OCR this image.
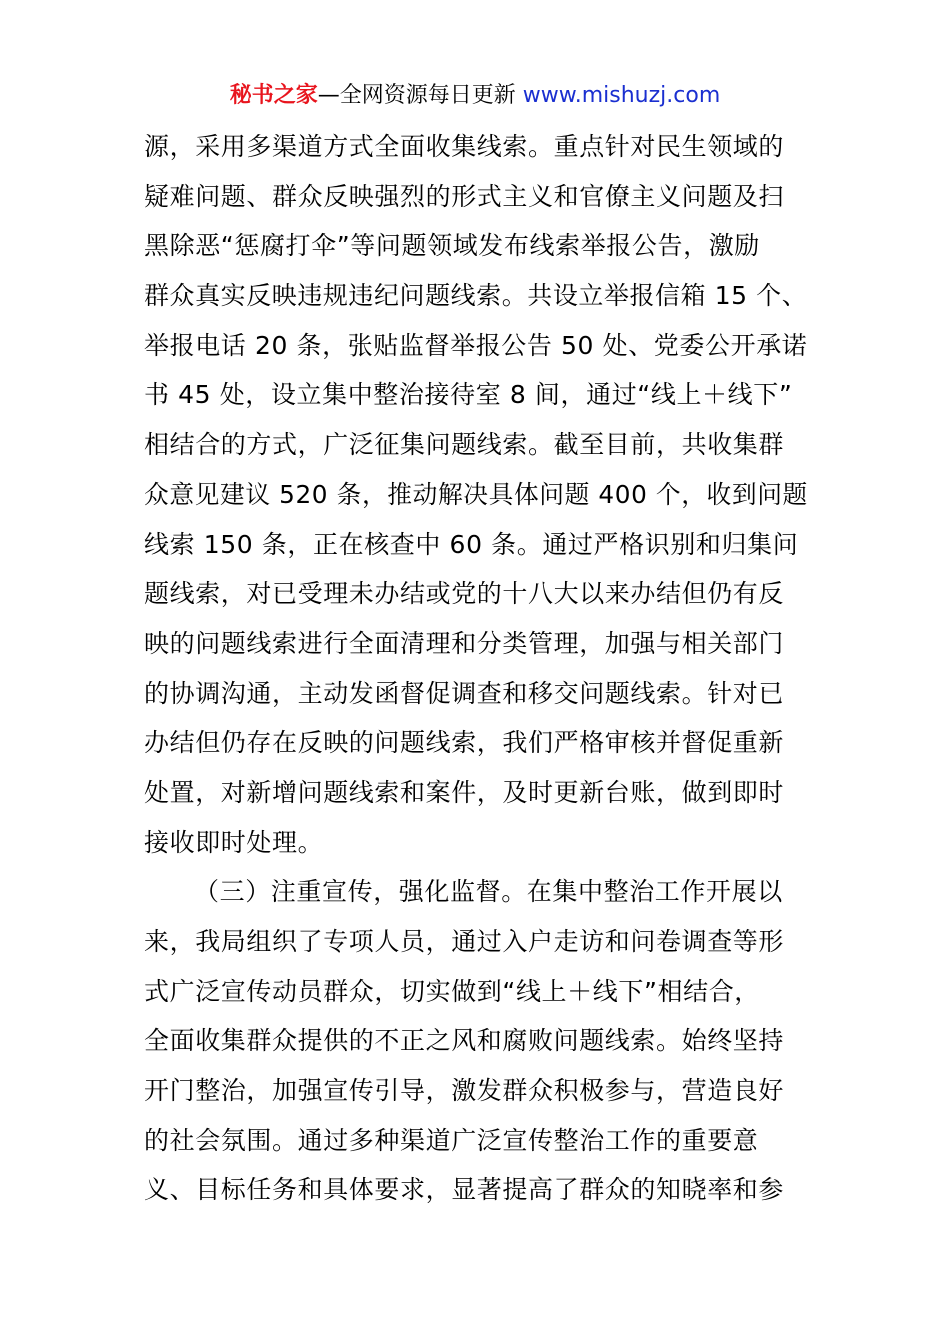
秘书之家—全网资源每日更新 www.mishuzj.com
源，采用多渠道方式全面收集线索。重点针对民生领域的
疑难问题、群众反映强烈的形式主义和官僚主义问题及扫
黑除恶“惩腐打伞”等问题领域发布线索举报公告，激励
群众真实反映违规违纪问题线索。共设立举报信箱 15 个、
举报电话 20 条，张贴监督举报公告 50 处、党委公开承诺
书 45 处，设立集中整治接待室 8 间，通过“线上＋线下”
相结合的方式，广泛征集问题线索。截至目前，共收集群
众意见建议 520 条，推动解决具体问题 400 个，收到问题
线索 150 条，正在核查中 60 条。通过严格识别和归集问
题线索，对已受理未办结或党的十八大以来办结但仍有反
映的问题线索进行全面清理和分类管理，加强与相关部门
的协调沟通，主动发函督促调查和移交问题线索。针对已
办结但仍存在反映的问题线索，我们严格审核并督促重新
处置，对新增问题线索和案件，及时更新台账，做到即时
接收即时处理。
（三）注重宣传，强化监督。在集中整治工作开展以
来，我局组织了专项人员，通过入户走访和问卷调查等形
式广泛宣传动员群众，切实做到“线上＋线下”相结合，
全面收集群众提供的不正之风和腐败问题线索。始终坚持
开门整治，加强宣传引导，激发群众积极参与，营造良好
的社会氛围。通过多种渠道广泛宣传整治工作的重要意
义、目标任务和具体要求，显著提高了群众的知晓率和参
